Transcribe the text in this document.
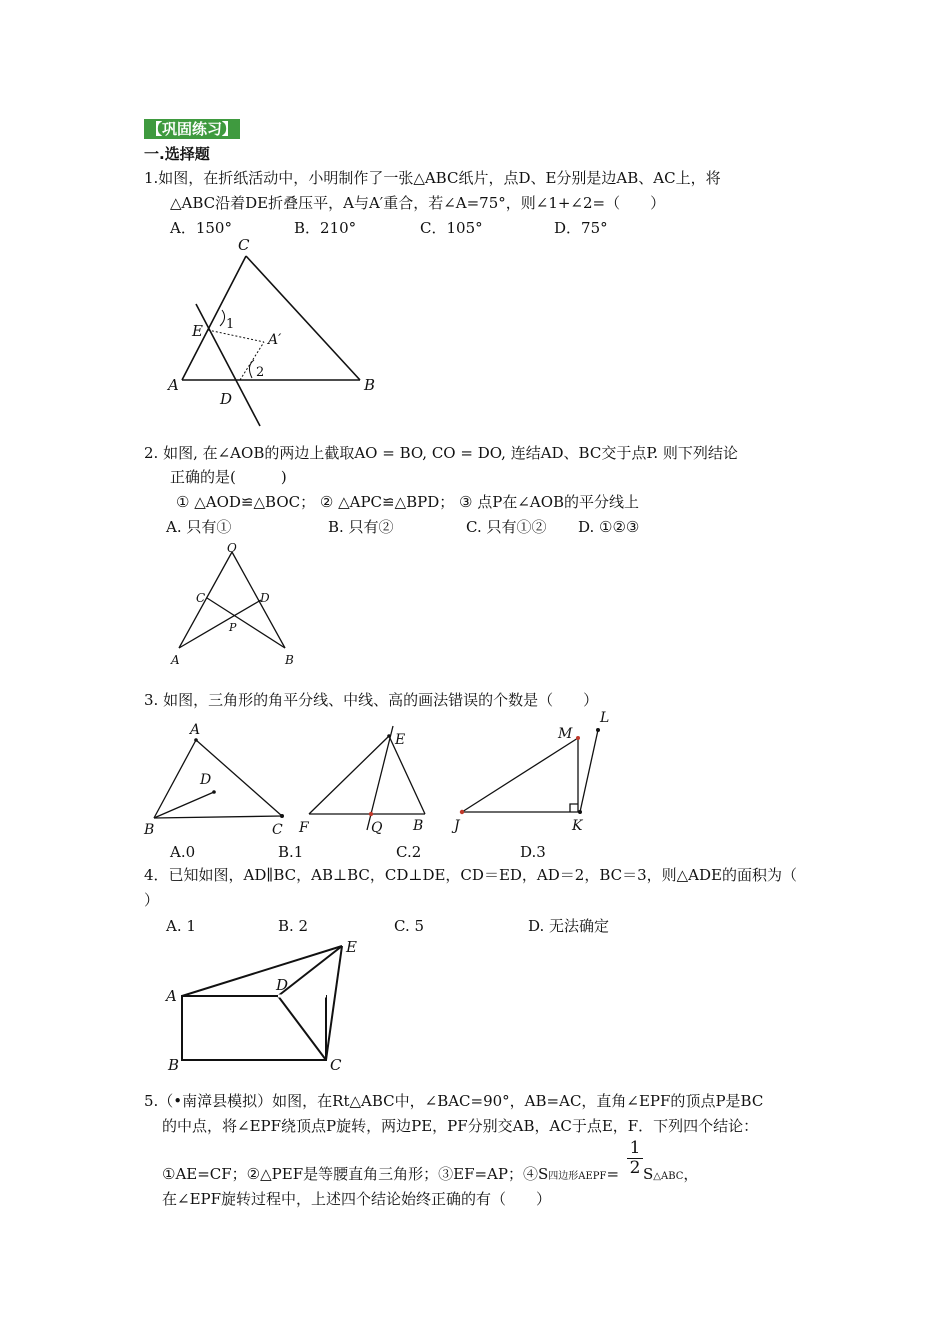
【巩固练习】
一.选择题
1.如图，在折纸活动中，小明制作了一张△ABC纸片，点D、E分别是边AB、AC上，将
△ABC沿着DE折叠压平，A与A′重合，若∠A=75°，则∠1+∠2=（　　）
A．150°	B．210°	C．105°	D．75°
C
E 1
A′
2
A	B
D
2. 如图, 在∠AOB的两边上截取AO = BO, CO = DO, 连结AD、BC交于点P. 则下列结论
正确的是(　　　)
① △AOD≌△BOC； ② △APC≌△BPD； ③ 点P在∠AOB的平分线上
A. 只有①	B. 只有②	C. 只有①② D. ①②③
O
C	D
P
A	B
3. 如图，三角形的角平分线、中线、高的画法错误的个数是（　　）
A
D
B	C
E
F	Q B
M
L
J	K
A.0	B.1	C.2	D.3
4．已知如图，AD∥BC，AB⊥BC，CD⊥DE，CD＝ED，AD＝2，BC＝3，则△ADE的面积为（
）
A. 1	B. 2	C. 5	D. 无法确定
E
A
D
B	C
5.（•南漳县模拟）如图，在Rt△ABC中，∠BAC=90°，AB=AC，直角∠EPF的顶点P是BC
的中点，将∠EPF绕顶点P旋转，两边PE，PF分别交AB，AC于点E，F．下列四个结论：
①AE=CF；②△PEF是等腰直角三角形；③EF=AP；④S四边形AEPF= $\frac{1}{2}$ S△ABC，
在∠EPF旋转过程中，上述四个结论始终正确的有（　　）
